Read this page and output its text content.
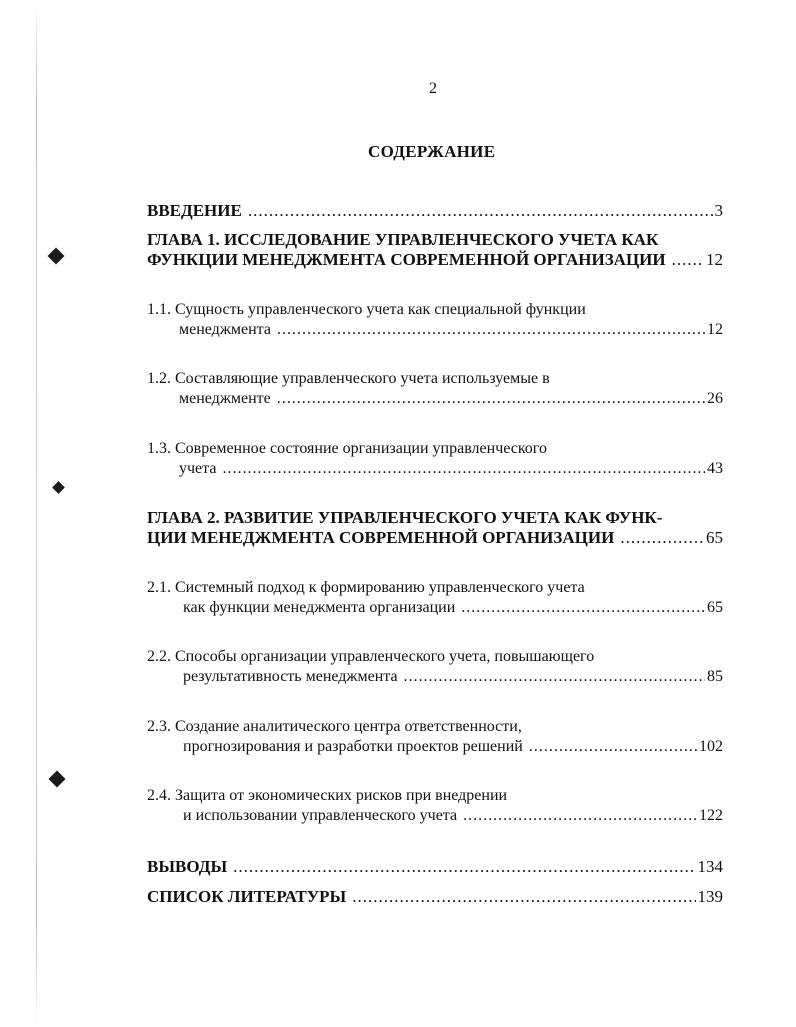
2
СОДЕРЖАНИЕ
ВВЕДЕНИЕ .....	3
ГЛАВА 1. ИССЛЕДОВАНИЕ УПРАВЛЕНЧЕСКОГО УЧЕТА КАК
ФУНКЦИИ МЕНЕДЖМЕНТА СОВРЕМЕННОЙ ОРГАНИЗАЦИИ ..... 12
1.1. Сущность управленческого учета как специальной функции
менеджмента .....	12
1.2. Составляющие управленческого учета используемые в
менеджменте .....	26
1.3. Современное состояние организации управленческого
учета .....	43
ГЛАВА 2. РАЗВИТИЕ УПРАВЛЕНЧЕСКОГО УЧЕТА КАК ФУНК-
ЦИИ МЕНЕДЖМЕНТА СОВРЕМЕННОЙ ОРГАНИЗАЦИИ .....	65
2.1. Системный подход к формированию управленческого учета
как функции менеджмента организации .....	65
2.2. Способы организации управленческого учета, повышающего
результативность менеджмента .....	85
2.3. Создание аналитического центра ответственности,
прогнозирования и разработки проектов решений .....	102
2.4. Защита от экономических рисков при внедрении
и использовании управленческого учета .....	122
ВЫВОДЫ .....	134
СПИСОК ЛИТЕРАТУРЫ .....	139
